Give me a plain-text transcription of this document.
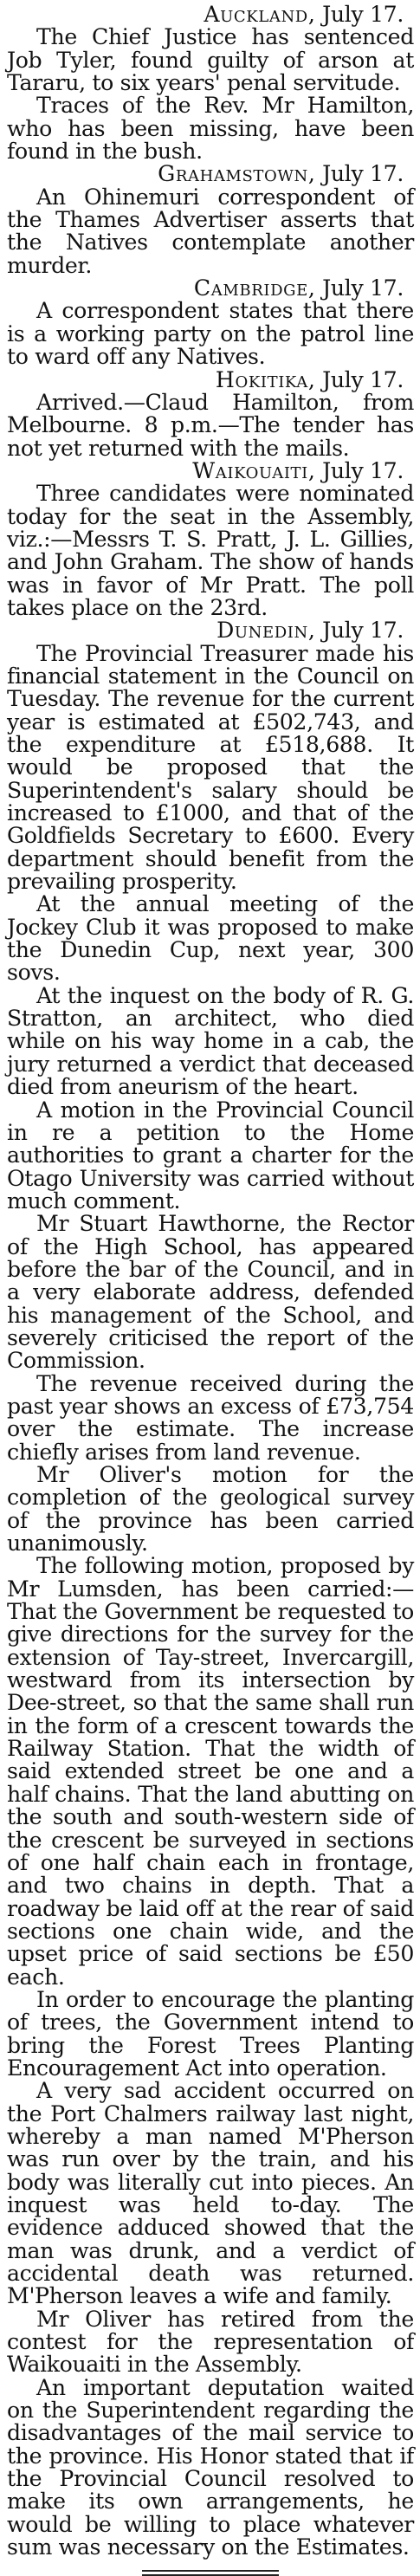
Auckland, July 17.

The Chief Justice has sentenced Job Tyler, found guilty of arson at Tararu, to six years' penal servitude.

Traces of the Rev. Mr Hamilton, who has been missing, have been found in the bush.

Grahamstown, July 17.

An Ohinemuri correspondent of the Thames Advertiser asserts that the Natives contemplate another murder.

Cambridge, July 17.

A correspondent states that there is a working party on the patrol line to ward off any Natives.

Hokitika, July 17.

Arrived.—Claud Hamilton, from Melbourne. 8 p.m.—The tender has not yet returned with the mails.

Waikouaiti, July 17.

Three candidates were nominated today for the seat in the Assembly, viz.:—Messrs T. S. Pratt, J. L. Gillies, and John Graham. The show of hands was in favor of Mr Pratt. The poll takes place on the 23rd.

Dunedin, July 17.

The Provincial Treasurer made his financial statement in the Council on Tuesday. The revenue for the current year is estimated at £502,743, and the expenditure at £518,688. It would be proposed that the Superintendent's salary should be increased to £1000, and that of the Goldfields Secretary to £600. Every department should benefit from the prevailing prosperity.

At the annual meeting of the Jockey Club it was proposed to make the Dunedin Cup, next year, 300 sovs.

At the inquest on the body of R. G. Stratton, an architect, who died while on his way home in a cab, the jury returned a verdict that deceased died from aneurism of the heart.

A motion in the Provincial Council in re a petition to the Home authorities to grant a charter for the Otago University was carried without much comment.

Mr Stuart Hawthorne, the Rector of the High School, has appeared before the bar of the Council, and in a very elaborate address, defended his management of the School, and severely criticised the report of the Commission.

The revenue received during the past year shows an excess of £73,754 over the estimate. The increase chiefly arises from land revenue.

Mr Oliver's motion for the completion of the geological survey of the province has been carried unanimously.

The following motion, proposed by Mr Lumsden, has been carried:—That the Government be requested to give directions for the survey for the extension of Tay-street, Invercargill, westward from its intersection by Dee-street, so that the same shall run in the form of a crescent towards the Railway Station. That the width of said extended street be one and a half chains. That the land abutting on the south and south-western side of the crescent be surveyed in sections of one half chain each in frontage, and two chains in depth. That a roadway be laid off at the rear of said sections one chain wide, and the upset price of said sections be £50 each.

In order to encourage the planting of trees, the Government intend to bring the Forest Trees Planting Encouragement Act into operation.

A very sad accident occurred on the Port Chalmers railway last night, whereby a man named M'Pherson was run over by the train, and his body was literally cut into pieces. An inquest was held to-day. The evidence adduced showed that the man was drunk, and a verdict of accidental death was returned. M'Pherson leaves a wife and family.

Mr Oliver has retired from the contest for the representation of Waikouaiti in the Assembly.

An important deputation waited on the Superintendent regarding the disadvantages of the mail service to the province. His Honor stated that if the Provincial Council resolved to make its own arrangements, he would be willing to place whatever sum was necessary on the Estimates.
